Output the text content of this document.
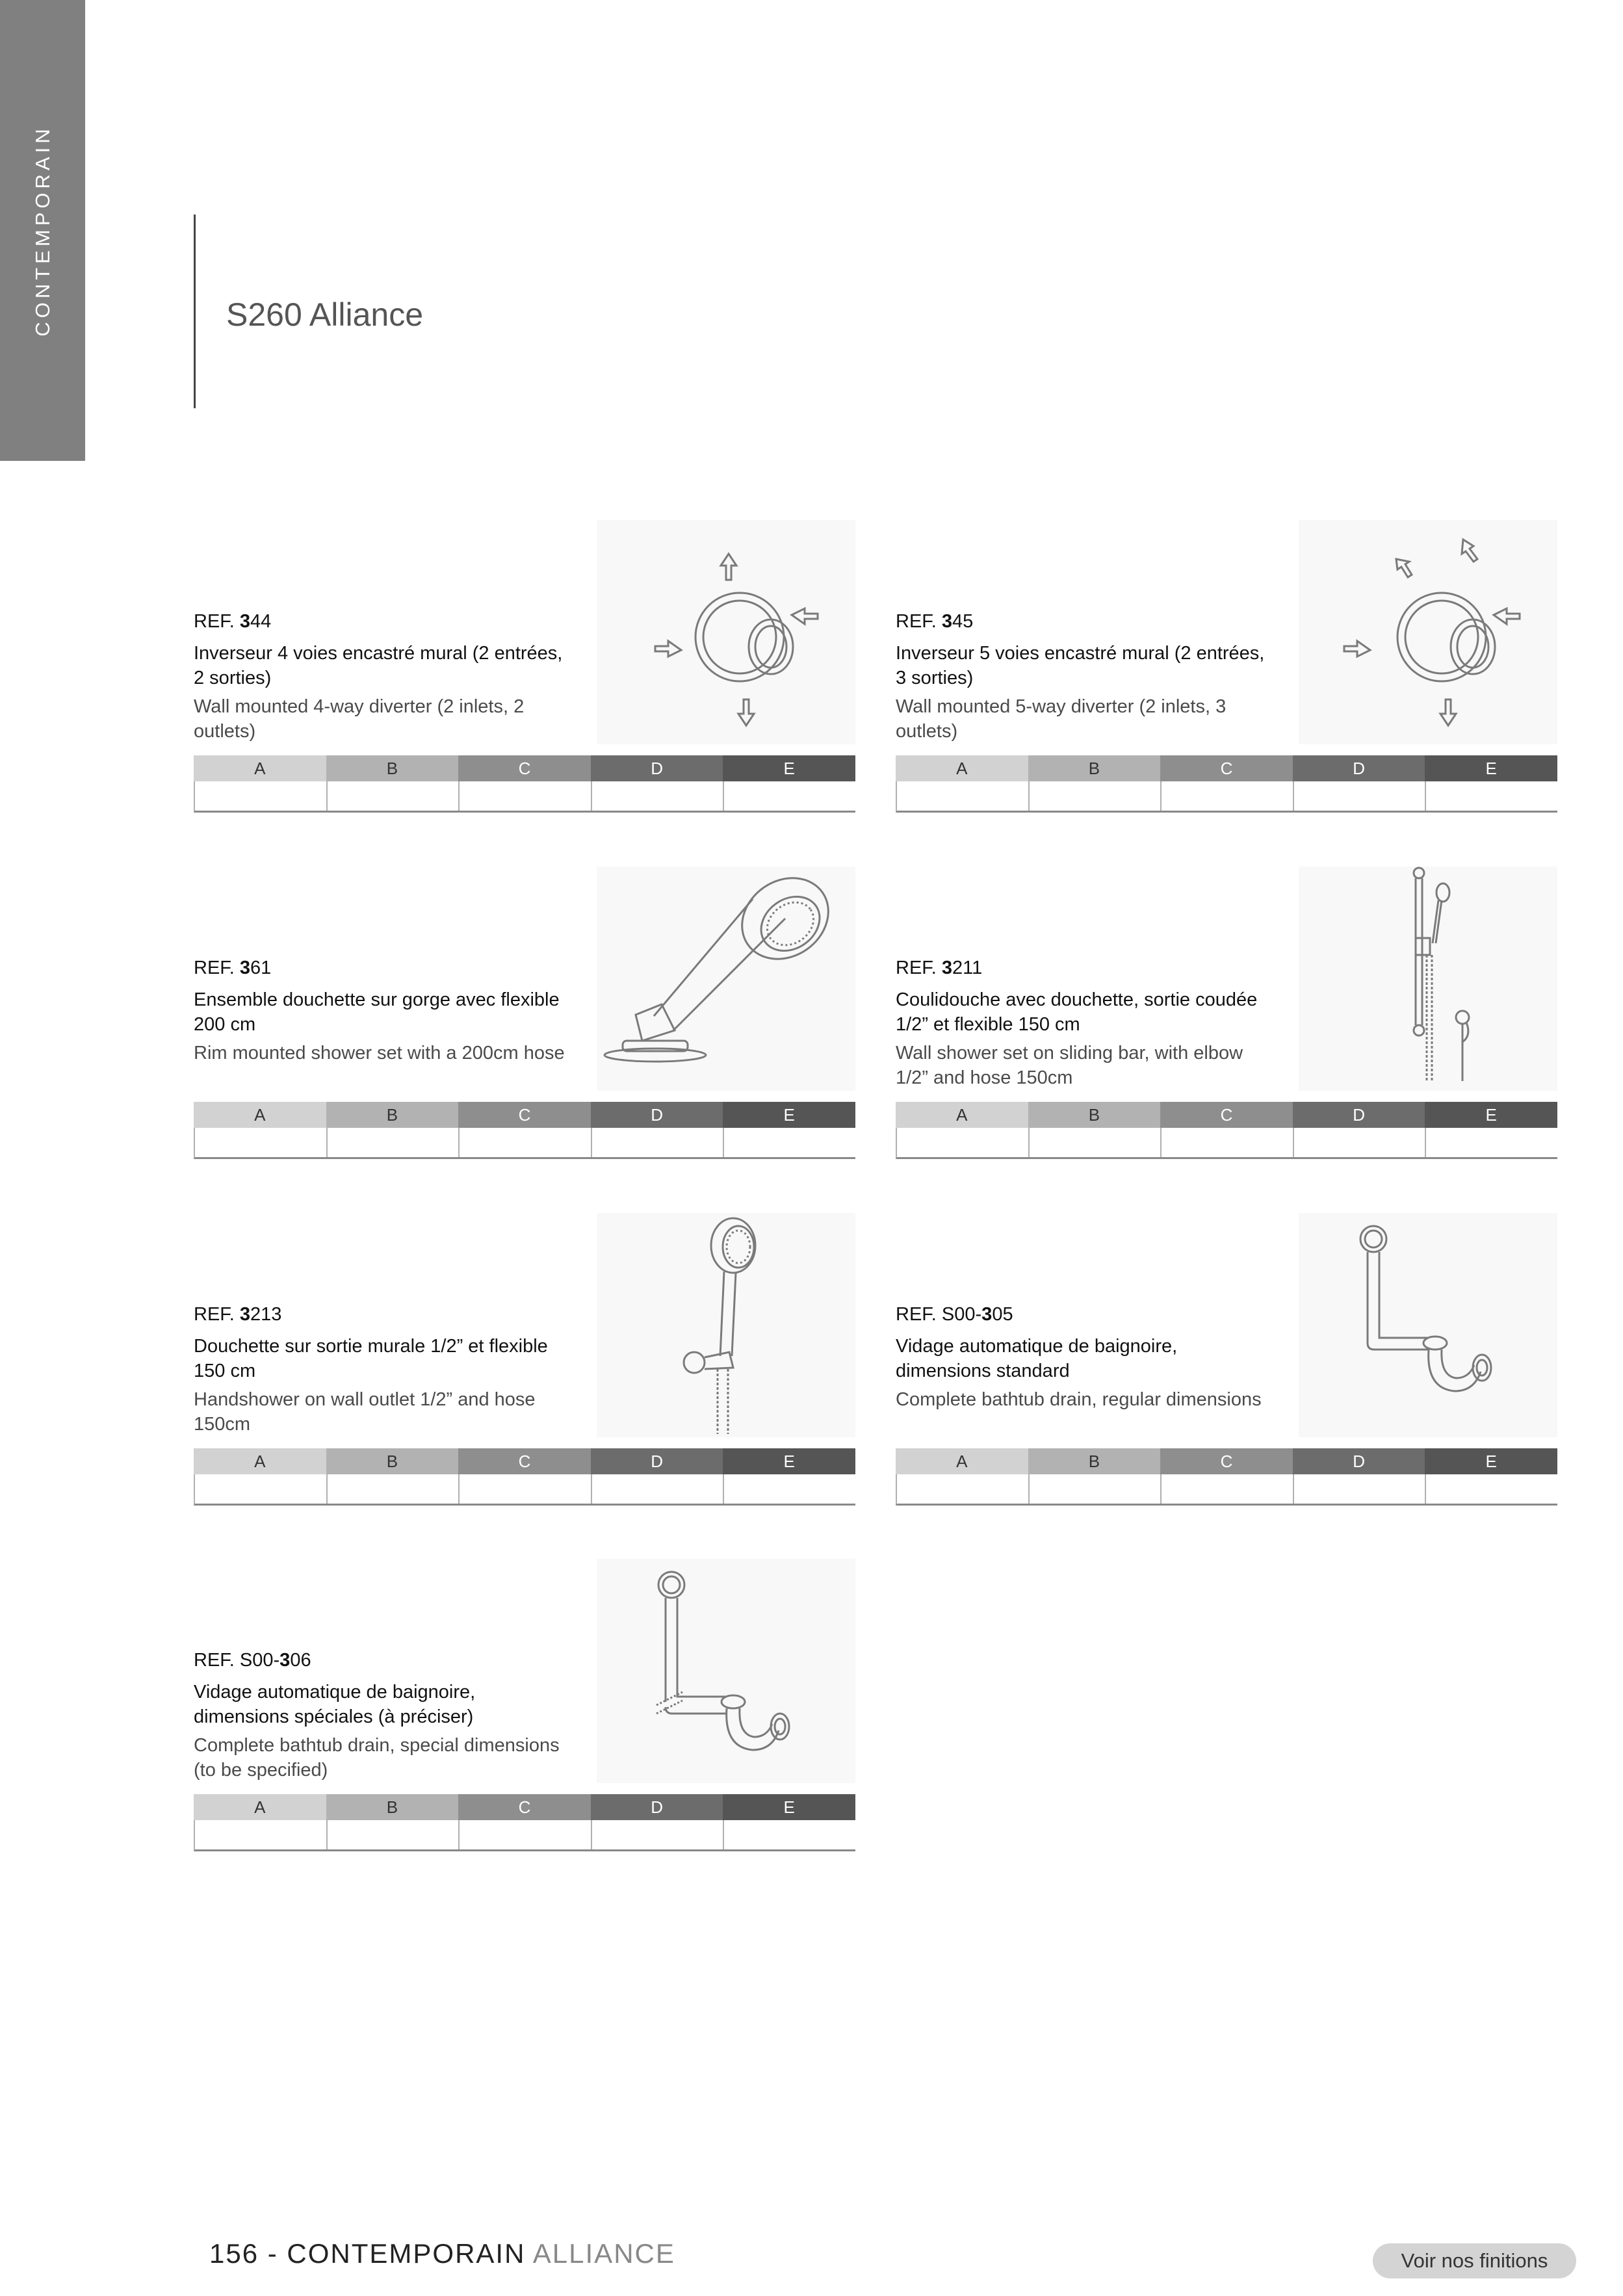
CONTEMPORAIN	S260 Alliance
REF. 344

Inverseur 4 voies encastré mural (2 entrées, 2 sorties)

Wall mounted 4-way diverter (2 inlets, 2 outlets)

A	B	C	D	E
REF. 345

Inverseur 5 voies encastré mural (2 entrées, 3 sorties)

Wall mounted 5-way diverter (2 inlets, 3 outlets)

A	B	C	D	E
REF. 361

Ensemble douchette sur gorge avec flexible 200 cm

Rim mounted shower set with a 200cm hose

A	B	C	D	E
REF. 3211

Coulidouche avec douchette, sortie coudée 1/2” et flexible 150 cm

Wall shower set on sliding bar, with elbow 1/2” and hose 150cm

A	B	C	D	E
REF. 3213

Douchette sur sortie murale 1/2” et flexible 150 cm

Handshower on wall outlet 1/2” and hose 150cm

A	B	C	D	E
REF. S00-305

Vidage automatique de baignoire, dimensions standard

Complete bathtub drain, regular dimensions

A	B	C	D	E
REF. S00-306

Vidage automatique de baignoire, dimensions spéciales (à préciser)

Complete bathtub drain, special dimensions (to be specified)

A	B	C	D	E
156 - CONTEMPORAIN ALLIANCE	Voir nos finitions
